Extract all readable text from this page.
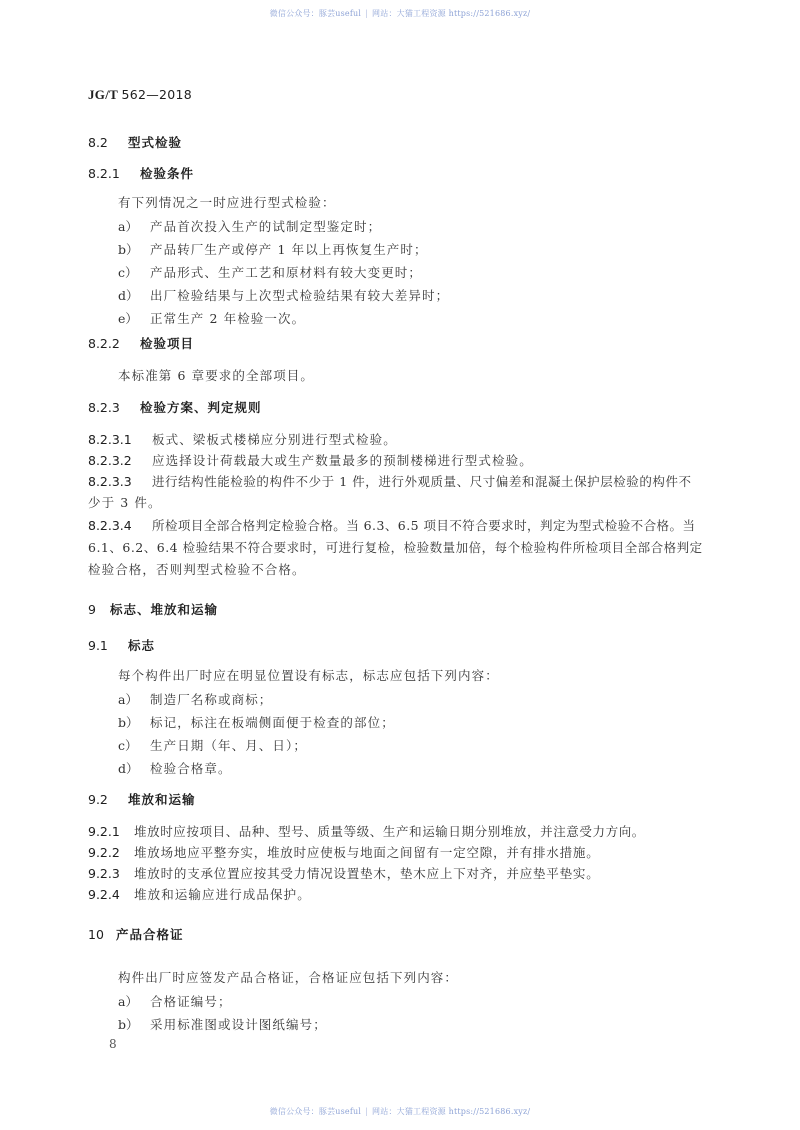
微信公众号：豚芸useful | 网站：大猫工程资源 https://521686.xyz/
JG/T 562—2018
8.2 型式检验
8.2.1 检验条件
有下列情况之一时应进行型式检验：
a） 产品首次投入生产的试制定型鉴定时；
b） 产品转厂生产或停产 1 年以上再恢复生产时；
c） 产品形式、生产工艺和原材料有较大变更时；
d） 出厂检验结果与上次型式检验结果有较大差异时；
e） 正常生产 2 年检验一次。
8.2.2 检验项目
本标准第 6 章要求的全部项目。
8.2.3 检验方案、判定规则
8.2.3.1 板式、梁板式楼梯应分别进行型式检验。
8.2.3.2 应选择设计荷载最大或生产数量最多的预制楼梯进行型式检验。
8.2.3.3 进行结构性能检验的构件不少于 1 件，进行外观质量、尺寸偏差和混凝土保护层检验的构件不
少于 3 件。
8.2.3.4 所检项目全部合格判定检验合格。当 6.3、6.5 项目不符合要求时，判定为型式检验不合格。当
6.1、6.2、6.4 检验结果不符合要求时，可进行复检，检验数量加倍，每个检验构件所检项目全部合格判定
检验合格，否则判型式检验不合格。
9 标志、堆放和运输
9.1 标志
每个构件出厂时应在明显位置设有标志，标志应包括下列内容：
a） 制造厂名称或商标；
b） 标记，标注在板端侧面便于检查的部位；
c） 生产日期（年、月、日）；
d） 检验合格章。
9.2 堆放和运输
9.2.1 堆放时应按项目、品种、型号、质量等级、生产和运输日期分别堆放，并注意受力方向。
9.2.2 堆放场地应平整夯实，堆放时应使板与地面之间留有一定空隙，并有排水措施。
9.2.3 堆放时的支承位置应按其受力情况设置垫木，垫木应上下对齐，并应垫平垫实。
9.2.4 堆放和运输应进行成品保护。
10 产品合格证
构件出厂时应签发产品合格证，合格证应包括下列内容：
a） 合格证编号；
b） 采用标准图或设计图纸编号；
8
微信公众号：豚芸useful | 网站：大猫工程资源 https://521686.xyz/
